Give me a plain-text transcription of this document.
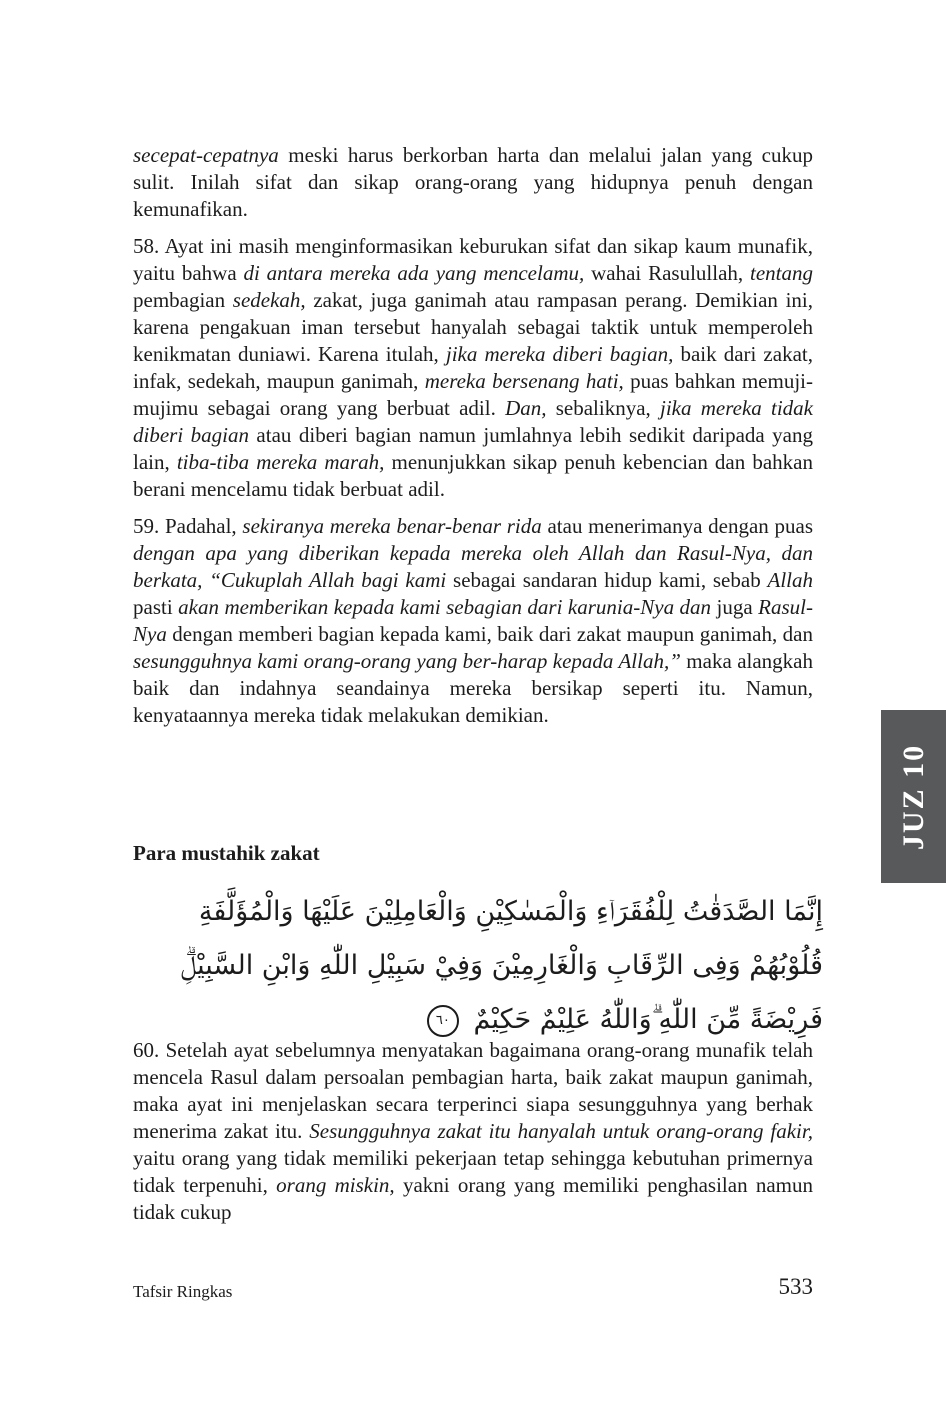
secepat-cepatnya meski harus berkorban harta dan melalui jalan yang cukup sulit. Inilah sifat dan sikap orang-orang yang hidupnya penuh dengan kemunafikan.

58. Ayat ini masih menginformasikan keburukan sifat dan sikap kaum munafik, yaitu bahwa di antara mereka ada yang mencelamu, wahai Rasulullah, tentang pembagian sedekah, zakat, juga ganimah atau rampasan perang. Demikian ini, karena pengakuan iman tersebut hanyalah sebagai taktik untuk memperoleh kenikmatan duniawi. Karena itulah, jika mereka diberi bagian, baik dari zakat, infak, sedekah, maupun ganimah, mereka bersenang hati, puas bahkan memuji-mujimu sebagai orang yang berbuat adil. Dan, sebaliknya, jika mereka tidak diberi bagian atau diberi bagian namun jumlahnya lebih sedikit daripada yang lain, tiba-tiba mereka marah, menunjukkan sikap penuh kebencian dan bahkan berani mencelamu tidak berbuat adil.

59. Padahal, sekiranya mereka benar-benar rida atau menerimanya dengan puas dengan apa yang diberikan kepada mereka oleh Allah dan Rasul-Nya, dan berkata, “Cukuplah Allah bagi kami sebagai sandaran hidup kami, sebab Allah pasti akan memberikan kepada kami sebagian dari karunia-Nya dan juga Rasul-Nya dengan memberi bagian kepada kami, baik dari zakat maupun ganimah, dan sesungguhnya kami orang-orang yang ber-harap kepada Allah,” maka alangkah baik dan indahnya seandainya mereka bersikap seperti itu. Namun, kenyataannya mereka tidak melakukan demikian.

Para mustahik zakat
إِنَّمَا الصَّدَقٰتُ لِلْفُقَرَاۤءِ وَالْمَسٰكِيْنِ وَالْعَامِلِيْنَ عَلَيْهَا وَالْمُؤَلَّفَةِ قُلُوْبُهُمْ وَفِى الرِّقَابِ وَالْغَارِمِيْنَ وَفِيْ سَبِيْلِ اللّٰهِ وَابْنِ السَّبِيْلِۗ فَرِيْضَةً مِّنَ اللّٰهِ ۗوَاللّٰهُ عَلِيْمٌ حَكِيْمٌ ٦٠

60. Setelah ayat sebelumnya menyatakan bagaimana orang-orang munafik telah mencela Rasul dalam persoalan pembagian harta, baik zakat maupun ganimah, maka ayat ini menjelaskan secara terperinci siapa sesungguhnya yang berhak menerima zakat itu. Sesungguhnya zakat itu hanyalah untuk orang-orang fakir, yaitu orang yang tidak memiliki pekerjaan tetap sehingga kebutuhan primernya tidak terpenuhi, orang miskin, yakni orang yang memiliki penghasilan namun tidak cukup

Tafsir Ringkas	533
JUZ 10
